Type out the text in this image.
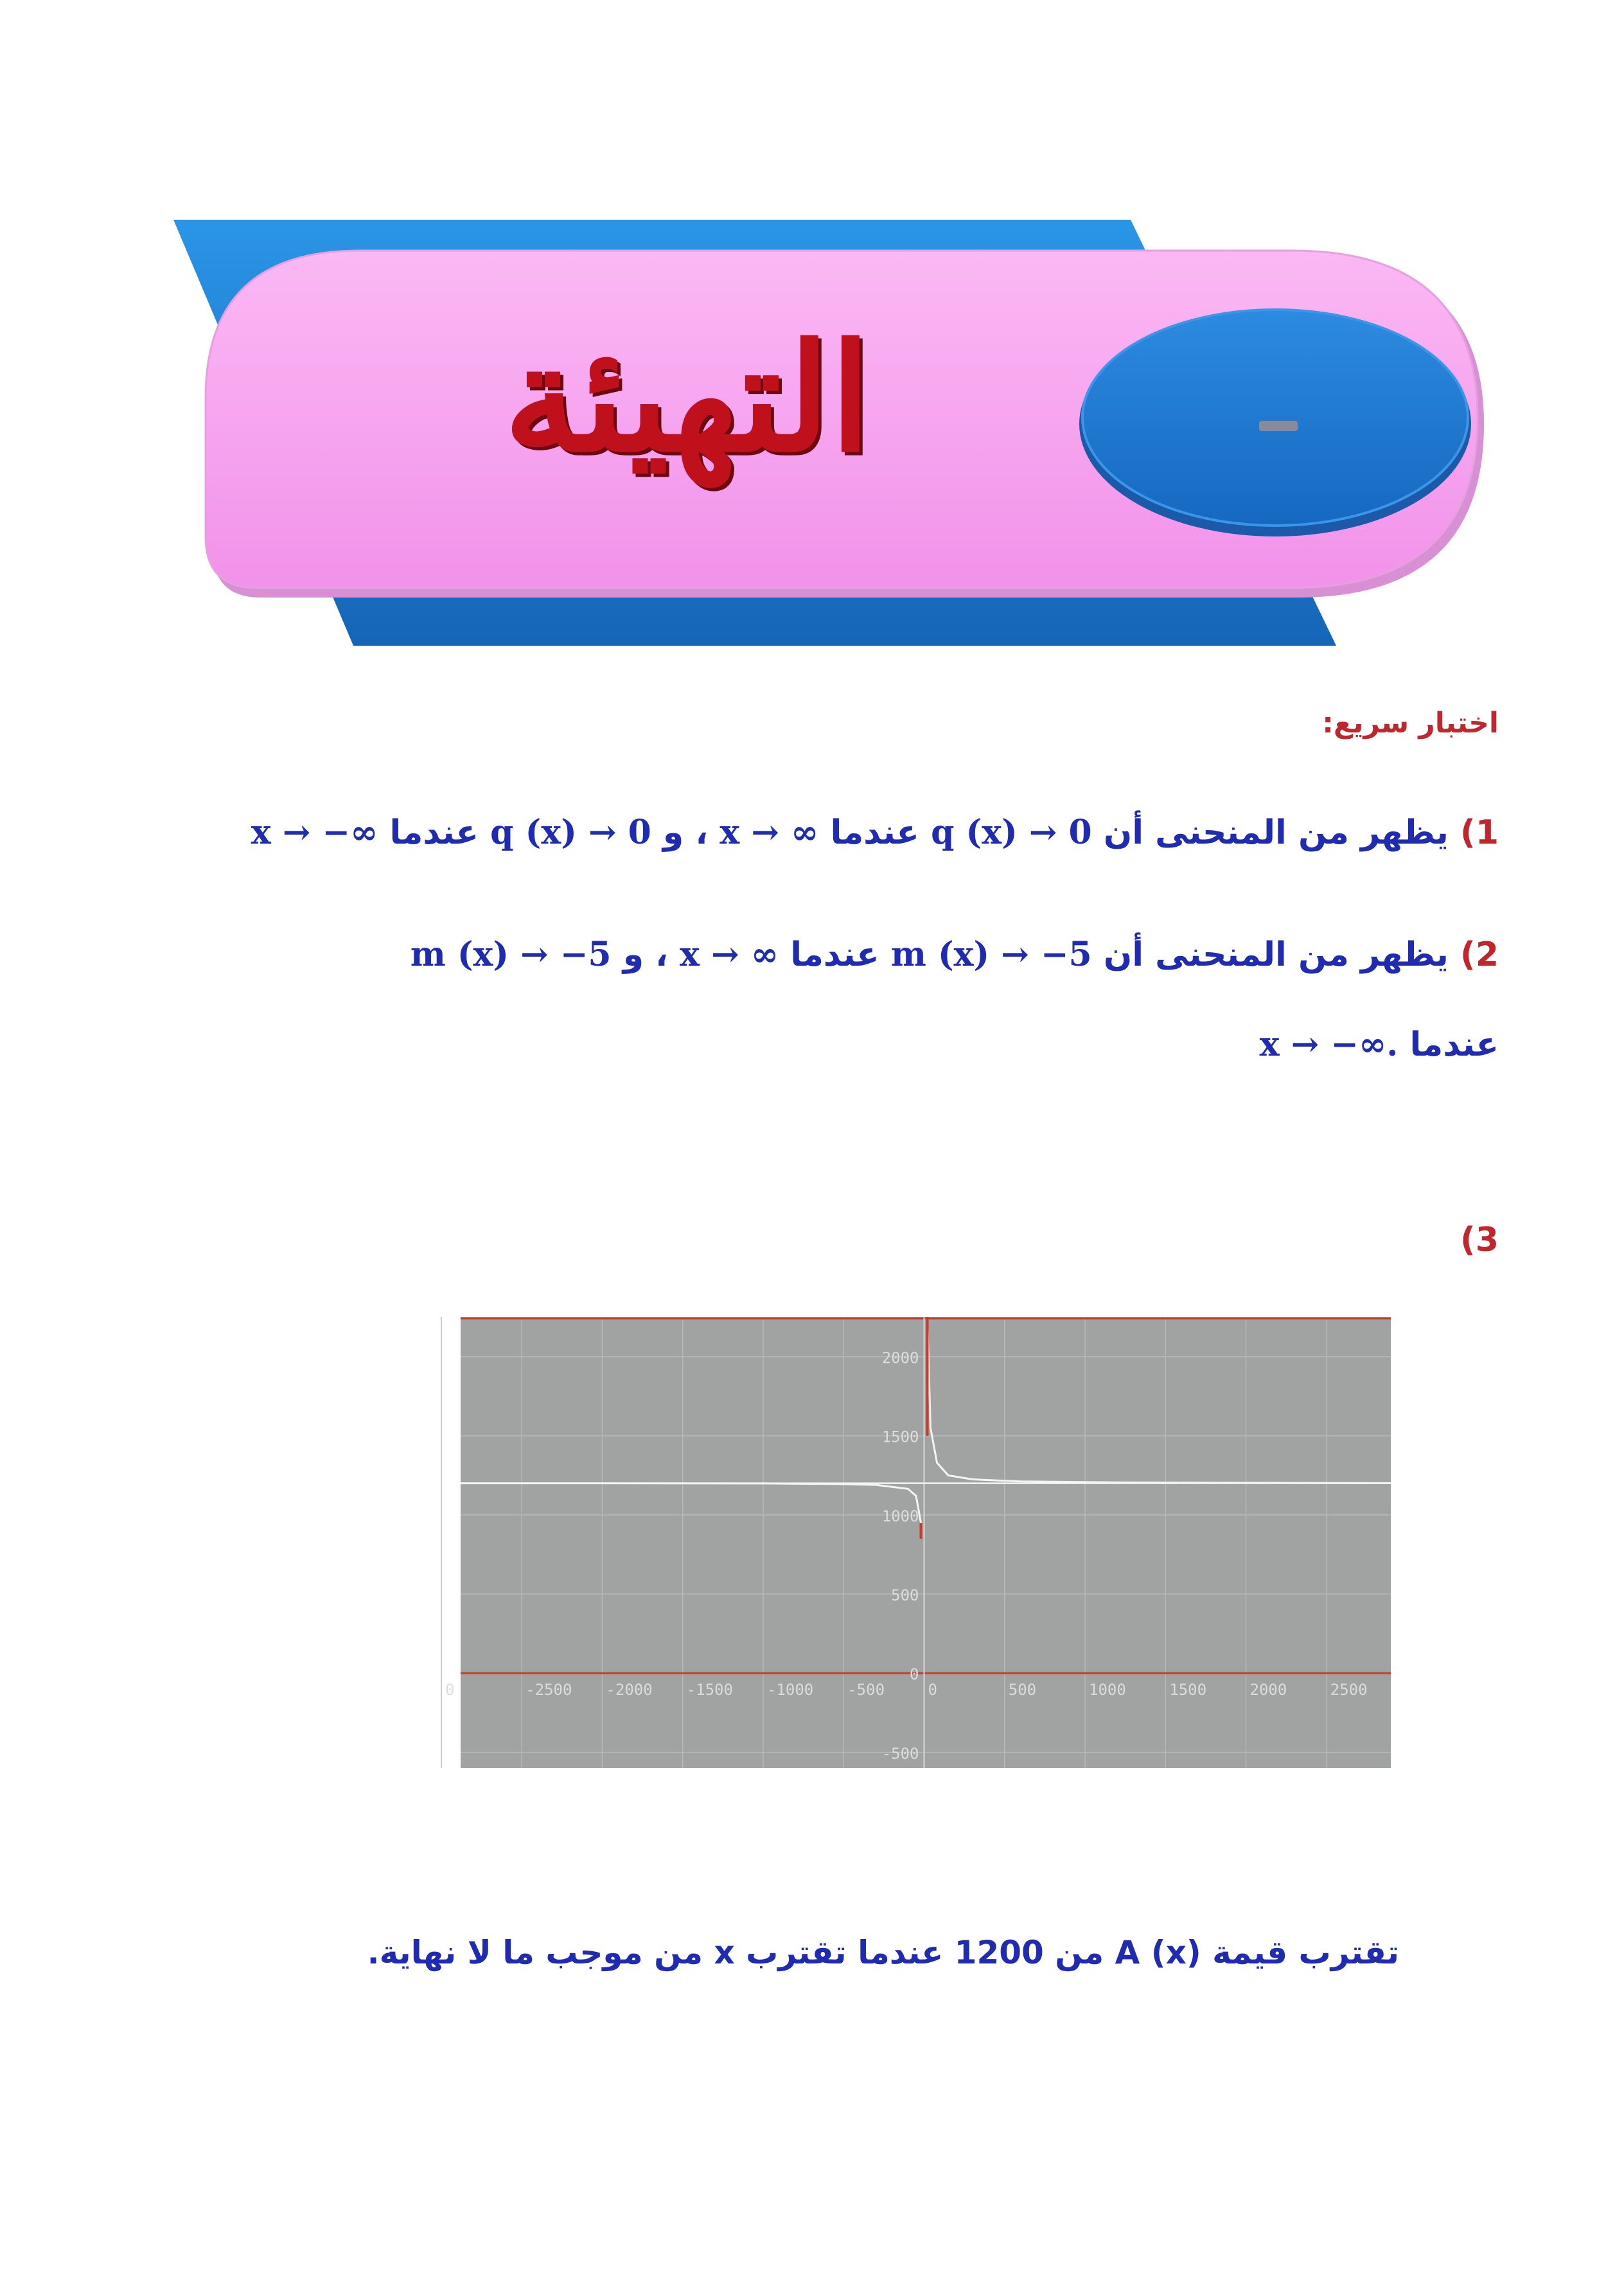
التهيئة
اختبار سريع:
1) يظهر من المنحنى أن q (x) → 0 عندما x → ∞ ، و q (x) → 0 عندما x → −∞
2) يظهر من المنحنى أن m (x) → −5 عندما x → ∞ ، و m (x) → −5
عندما x → −∞.
(3
0	-2500 -2000 -1500 -1000 -500	0	500	1000	1500	2000	2500
2000
1500
1000
500
0
-500
تقترب قيمة A (x) من 1200 عندما تقترب x من موجب ما لا نهاية.
